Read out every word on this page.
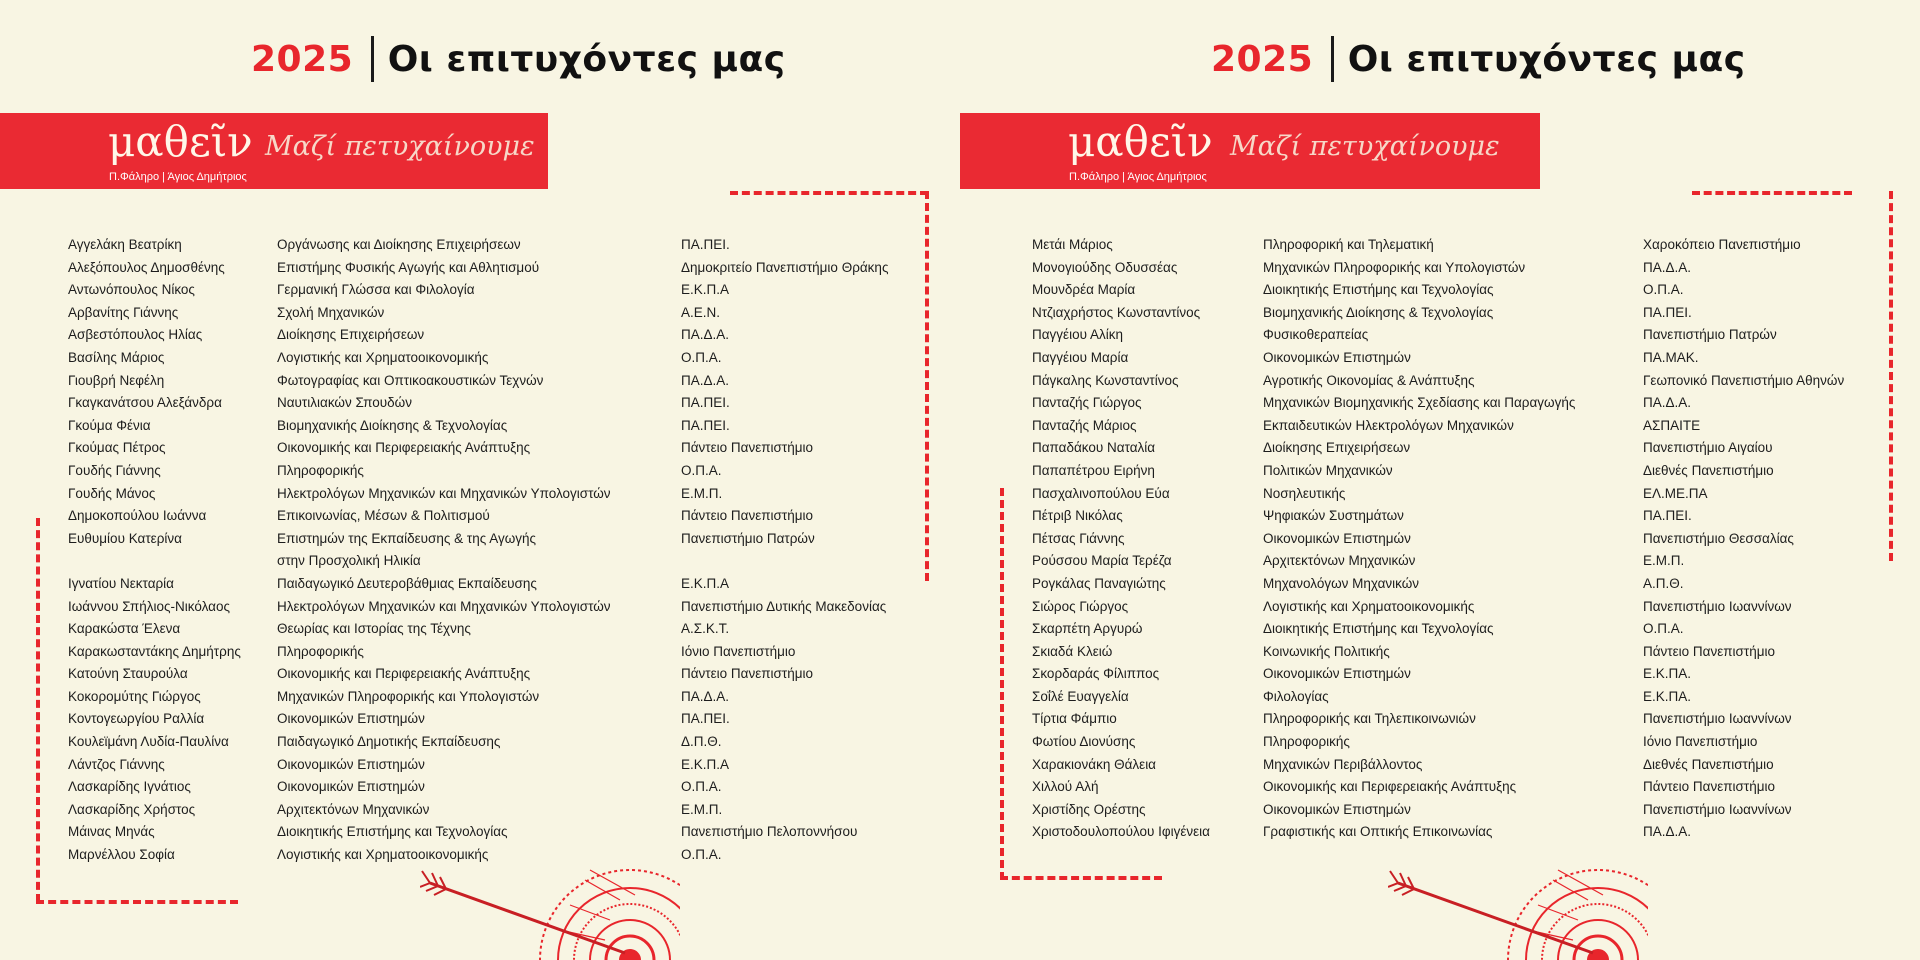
2025 Οι επιτυχόντες μας
μαθεῖν Μαζί πετυχαίνουμε
Π.Φάληρο | Άγιος Δημήτριος
Αγγελάκη Βεατρίκη
Αλεξόπουλος Δημοσθένης
Αντωνόπουλος Νίκος
Αρβανίτης Γιάννης
Ασβεστόπουλος Ηλίας
Βασίλης Μάριος
Γιουβρή Νεφέλη
Γκαγκανάτσου Αλεξάνδρα
Γκούμα Φένια
Γκούμας Πέτρος
Γουδής Γιάννης
Γουδής Μάνος
Δημοκοπούλου Ιωάννα
Ευθυμίου Κατερίνα
Ιγνατίου Νεκταρία
Ιωάννου Σπήλιος-Νικόλαος
Καρακώστα Έλενα
Καρακωσταντάκης Δημήτρης
Κατούνη Σταυρούλα
Κοκορομύτης Γιώργος
Κοντογεωργίου Ραλλία
Κουλεϊμάνη Λυδία-Παυλίνα
Λάντζος Γιάννης
Λασκαρίδης Ιγνάτιος
Λασκαρίδης Χρήστος
Μάινας Μηνάς
Μαρνέλλου Σοφία
Οργάνωσης και Διοίκησης Επιχειρήσεων
Επιστήμης Φυσικής Αγωγής και Αθλητισμού
Γερμανική Γλώσσα και Φιλολογία
Σχολή Μηχανικών
Διοίκησης Επιχειρήσεων
Λογιστικής και Χρηματοοικονομικής
Φωτογραφίας και Οπτικοακουστικών Τεχνών
Ναυτιλιακών Σπουδών
Βιομηχανικής Διοίκησης & Τεχνολογίας
Οικονομικής και Περιφερειακής Ανάπτυξης
Πληροφορικής
Ηλεκτρολόγων Μηχανικών και Μηχανικών Υπολογιστών
Επικοινωνίας, Μέσων & Πολιτισμού
Επιστημών της Εκπαίδευσης & της Αγωγής
στην Προσχολική Ηλικία
Παιδαγωγικό Δευτεροβάθμιας Εκπαίδευσης
Ηλεκτρολόγων Μηχανικών και Μηχανικών Υπολογιστών
Θεωρίας και Ιστορίας της Τέχνης
Πληροφορικής
Οικονομικής και Περιφερειακής Ανάπτυξης
Μηχανικών Πληροφορικής και Υπολογιστών
Οικονομικών Επιστημών
Παιδαγωγικό Δημοτικής Εκπαίδευσης
Οικονομικών Επιστημών
Οικονομικών Επιστημών
Αρχιτεκτόνων Μηχανικών
Διοικητικής Επιστήμης και Τεχνολογίας
Λογιστικής και Χρηματοοικονομικής
ΠΑ.ΠΕΙ.
Δημοκριτείο Πανεπιστήμιο Θράκης
Ε.Κ.Π.Α
Α.Ε.Ν.
ΠΑ.Δ.Α.
Ο.Π.Α.
ΠΑ.Δ.Α.
ΠΑ.ΠΕΙ.
ΠΑ.ΠΕΙ.
Πάντειο Πανεπιστήμιο
Ο.Π.Α.
Ε.Μ.Π.
Πάντειο Πανεπιστήμιο
Πανεπιστήμιο Πατρών
Ε.Κ.Π.Α
Πανεπιστήμιο Δυτικής Μακεδονίας
Α.Σ.Κ.Τ.
Ιόνιο Πανεπιστήμιο
Πάντειο Πανεπιστήμιο
ΠΑ.Δ.Α.
ΠΑ.ΠΕΙ.
Δ.Π.Θ.
Ε.Κ.Π.Α
Ο.Π.Α.
Ε.Μ.Π.
Πανεπιστήμιο Πελοποννήσου
Ο.Π.Α.
2025 Οι επιτυχόντες μας
μαθεῖν Μαζί πετυχαίνουμε
Π.Φάληρο | Άγιος Δημήτριος
Μετάι Μάριος
Μονογιούδης Οδυσσέας
Μουνδρέα Μαρία
Ντζιαχρήστος Κωνσταντίνος
Παγγέιου Αλίκη
Παγγέιου Μαρία
Πάγκαλης Κωνσταντίνος
Πανταζής Γιώργος
Πανταζής Μάριος
Παπαδάκου Ναταλία
Παπαπέτρου Ειρήνη
Πασχαλινοπούλου Εύα
Πέτριβ Νικόλας
Πέτσας Γιάννης
Ρούσσου Μαρία Τερέζα
Ρογκάλας Παναγιώτης
Σιώρος Γιώργος
Σκαρπέτη Αργυρώ
Σκιαδά Κλειώ
Σκορδαράς Φίλιππος
Σοΐλέ Ευαγγελία
Τίρτια Φάμπιο
Φωτίου Διονύσης
Χαρακιονάκη Θάλεια
Χιλλού Αλή
Χριστίδης Ορέστης
Χριστοδουλοπούλου Ιφιγένεια
Πληροφορική και Τηλεματική
Μηχανικών Πληροφορικής και Υπολογιστών
Διοικητικής Επιστήμης και Τεχνολογίας
Βιομηχανικής Διοίκησης & Τεχνολογίας
Φυσικοθεραπείας
Οικονομικών Επιστημών
Αγροτικής Οικονομίας & Ανάπτυξης
Μηχανικών Βιομηχανικής Σχεδίασης και Παραγωγής
Εκπαιδευτικών Ηλεκτρολόγων Μηχανικών
Διοίκησης Επιχειρήσεων
Πολιτικών Μηχανικών
Νοσηλευτικής
Ψηφιακών Συστημάτων
Οικονομικών Επιστημών
Αρχιτεκτόνων Μηχανικών
Μηχανολόγων Μηχανικών
Λογιστικής και Χρηματοοικονομικής
Διοικητικής Επιστήμης και Τεχνολογίας
Κοινωνικής Πολιτικής
Οικονομικών Επιστημών
Φιλολογίας
Πληροφορικής και Τηλεπικοινωνιών
Πληροφορικής
Μηχανικών Περιβάλλοντος
Οικονομικής και Περιφερειακής Ανάπτυξης
Οικονομικών Επιστημών
Γραφιστικής και Οπτικής Επικοινωνίας
Χαροκόπειο Πανεπιστήμιο
ΠΑ.Δ.Α.
Ο.Π.Α.
ΠΑ.ΠΕΙ.
Πανεπιστήμιο Πατρών
ΠΑ.ΜΑΚ.
Γεωπονικό Πανεπιστήμιο Αθηνών
ΠΑ.Δ.Α.
ΑΣΠΑΙΤΕ
Πανεπιστήμιο Αιγαίου
Διεθνές Πανεπιστήμιο
ΕΛ.ΜΕ.ΠΑ
ΠΑ.ΠΕΙ.
Πανεπιστήμιο Θεσσαλίας
Ε.Μ.Π.
Α.Π.Θ.
Πανεπιστήμιο Ιωαννίνων
Ο.Π.Α.
Πάντειο Πανεπιστήμιο
Ε.Κ.ΠΑ.
Ε.Κ.ΠΑ.
Πανεπιστήμιο Ιωαννίνων
Ιόνιο Πανεπιστήμιο
Διεθνές Πανεπιστήμιο
Πάντειο Πανεπιστήμιο
Πανεπιστήμιο Ιωαννίνων
ΠΑ.Δ.Α.
